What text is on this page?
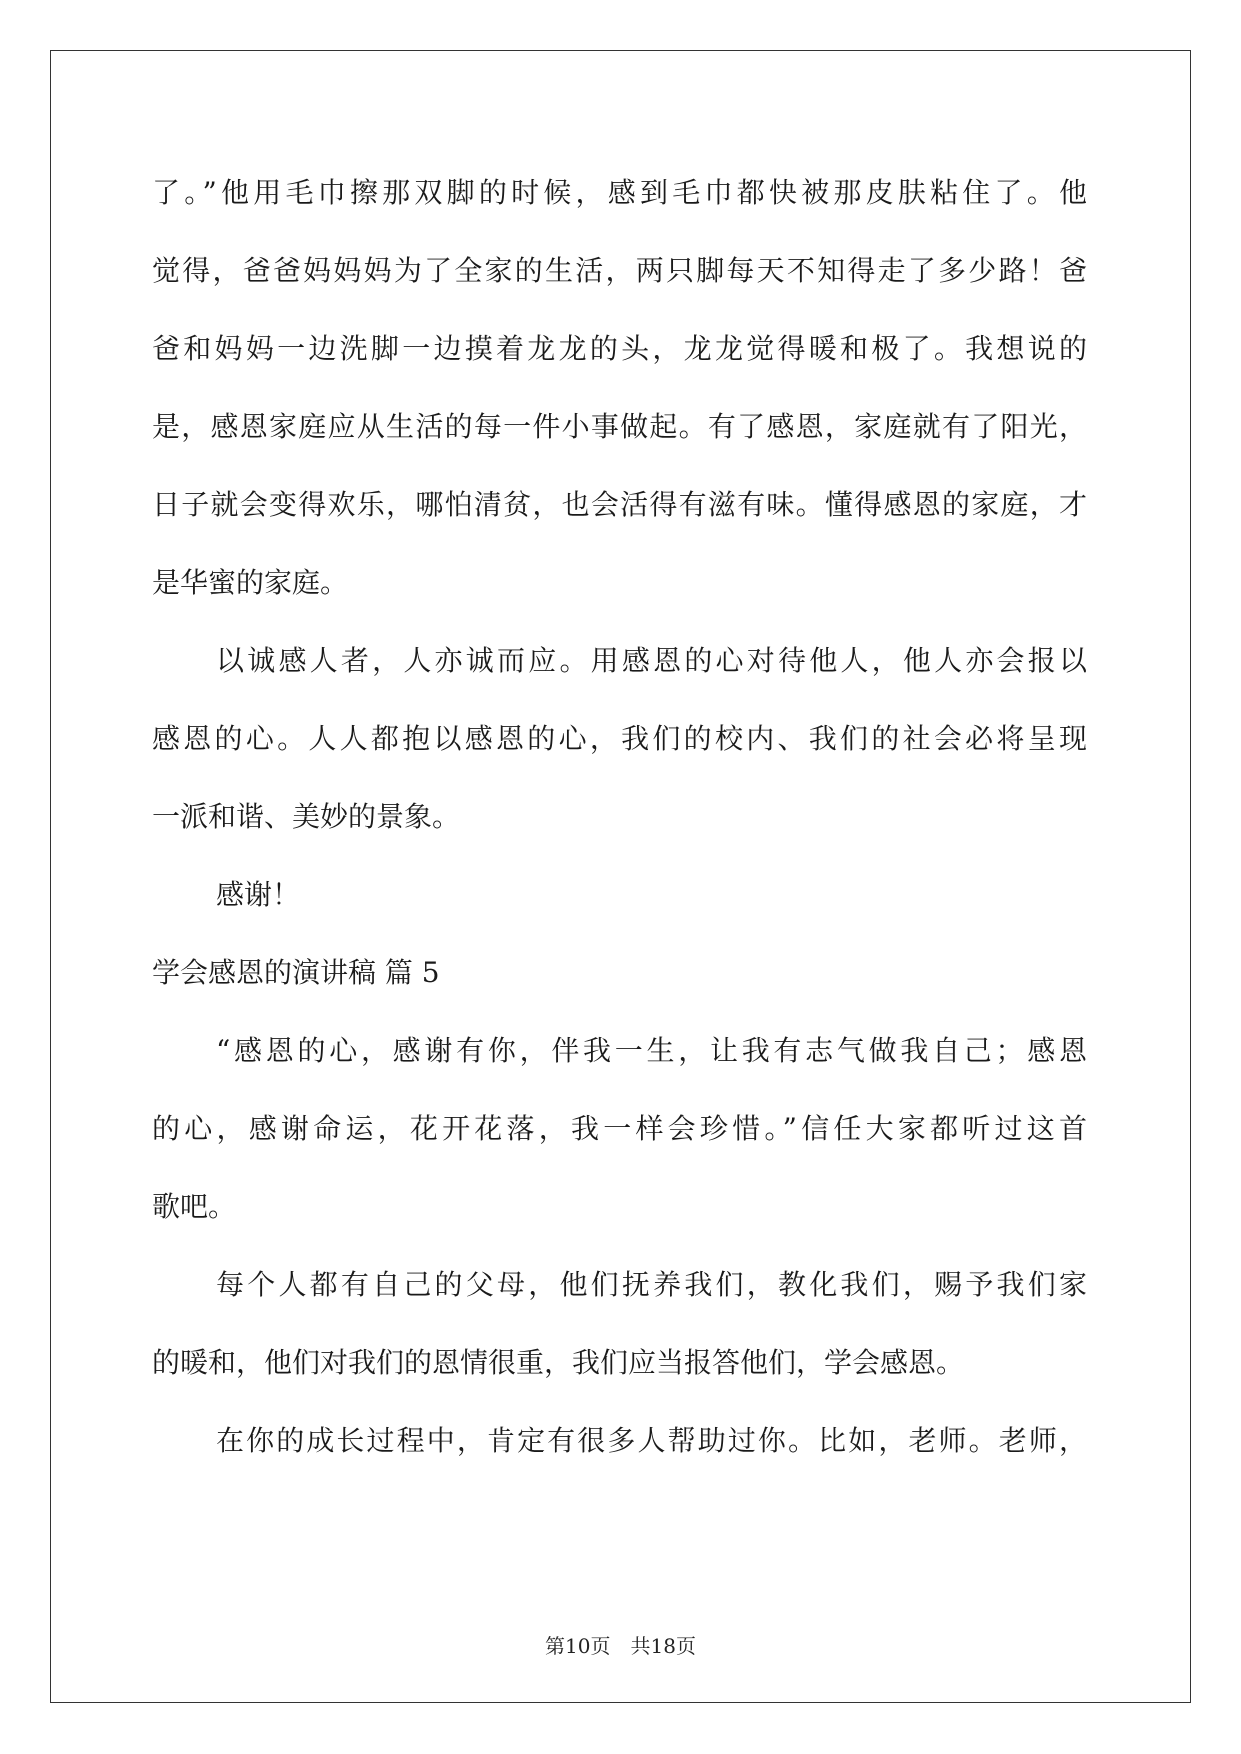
了。”他用毛巾擦那双脚的时候，感到毛巾都快被那皮肤粘住了。他
觉得，爸爸妈妈妈为了全家的生活，两只脚每天不知得走了多少路！爸
爸和妈妈一边洗脚一边摸着龙龙的头，龙龙觉得暖和极了。我想说的
是，感恩家庭应从生活的每一件小事做起。有了感恩，家庭就有了阳光，
日子就会变得欢乐，哪怕清贫，也会活得有滋有味。懂得感恩的家庭，才
是华蜜的家庭。
以诚感人者，人亦诚而应。用感恩的心对待他人，他人亦会报以
感恩的心。人人都抱以感恩的心，我们的校内、我们的社会必将呈现
一派和谐、美妙的景象。
感谢！
学会感恩的演讲稿 篇 5
“感恩的心，感谢有你，伴我一生，让我有志气做我自己；感恩
的心，感谢命运，花开花落，我一样会珍惜。”信任大家都听过这首
歌吧。
每个人都有自己的父母，他们抚养我们，教化我们，赐予我们家
的暖和，他们对我们的恩情很重，我们应当报答他们，学会感恩。
在你的成长过程中，肯定有很多人帮助过你。比如，老师。老师，
第10页　共18页
